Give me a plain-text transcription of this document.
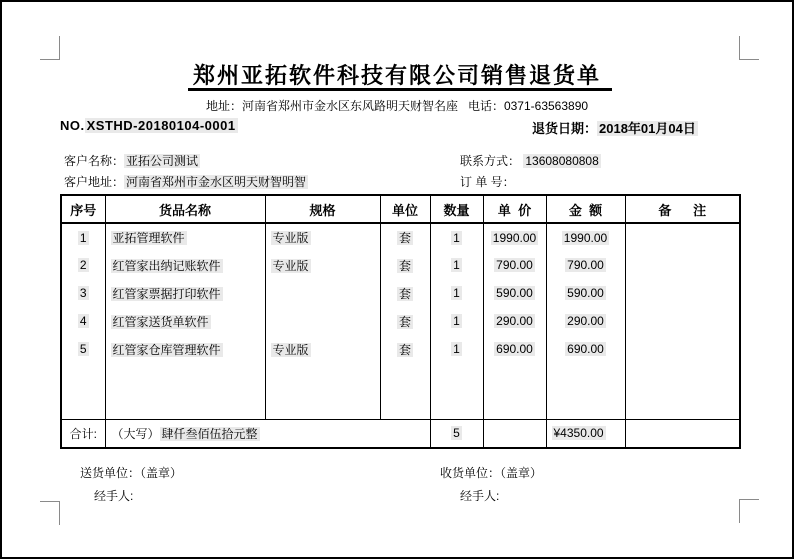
郑州亚拓软件科技有限公司销售退货单
地址：河南省郑州市金水区东风路明天财智名座   电话：0371-63563890
NO. XSTHD-20180104-0001	退货日期： 2018年01月04日
客户名称： 亚拓公司测试	联系方式： 13608080808
客户地址： 河南省郑州市金水区明天财智明智	订 单 号：
序号	货品名称	规格	单位	数量	单  价	金  额	备      注
1	亚拓管理软件	专业版	套	1	1990.00	1990.00	
2	红管家出纳记账软件	专业版	套	1	790.00	790.00	
3	红管家票据打印软件		套	1	590.00	590.00	
4	红管家送货单软件		套	1	290.00	290.00	
5	红管家仓库管理软件	专业版	套	1	690.00	690.00	

合计:	（大写） 肆仟叁佰伍拾元整			5		¥4350.00	
送货单位：（盖章）	收货单位：（盖章）
经手人:	经手人:
